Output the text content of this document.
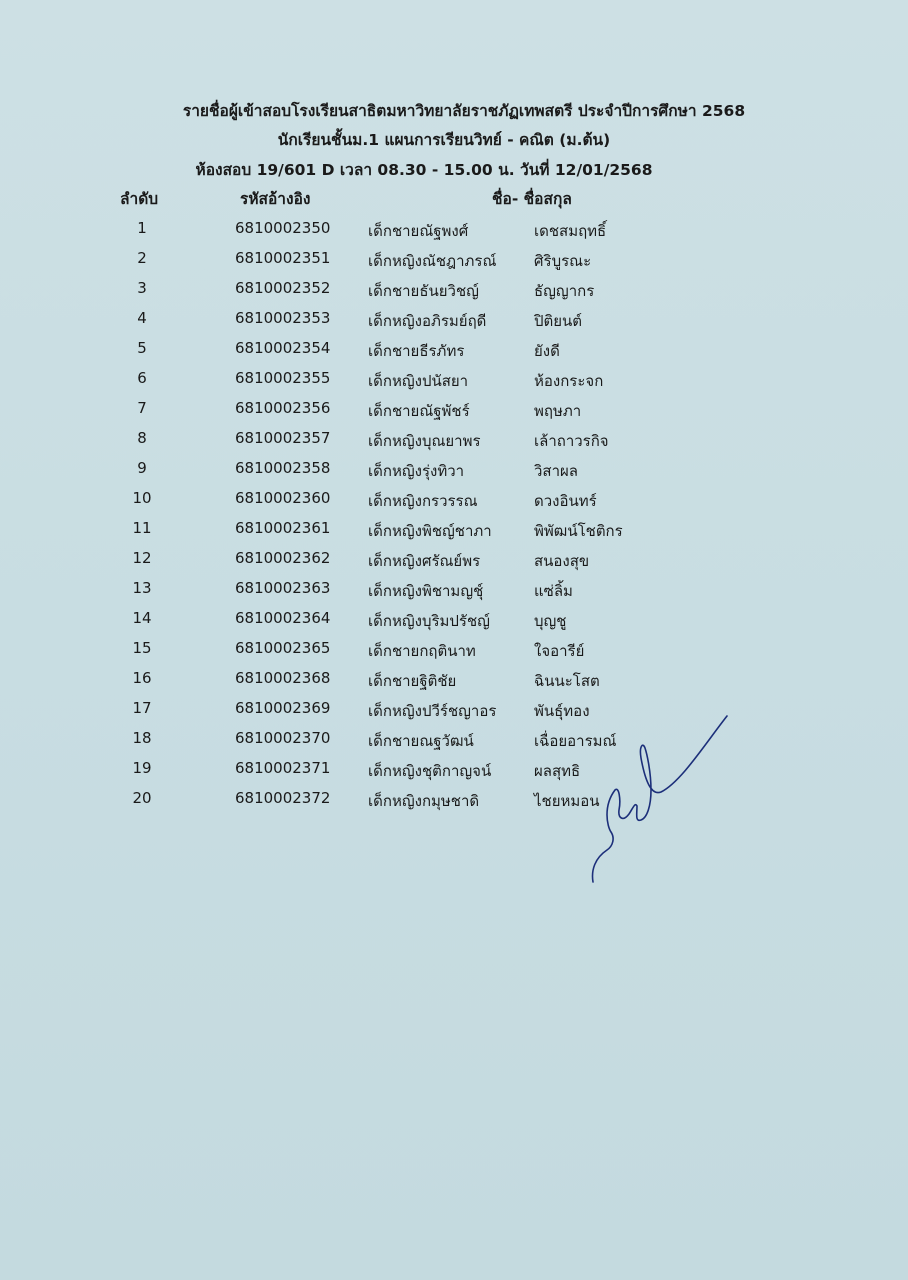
รายชื่อผู้เข้าสอบโรงเรียนสาธิตมหาวิทยาลัยราชภัฏเทพสตรี ประจำปีการศึกษา 2568
นักเรียนชั้นม.1 แผนการเรียนวิทย์ - คณิต (ม.ต้น)
ห้องสอบ 19/601 D เวลา 08.30 - 15.00 น. วันที่ 12/01/2568
ลำดับ	รหัสอ้างอิง	ชื่อ- ชื่อสกุล
1	6810002350	เด็กชายณัฐพงศ์	เดชสมฤทธิ์
2	6810002351	เด็กหญิงณัชฎาภรณ์	ศิริบูรณะ
3	6810002352	เด็กชายธันยวิชญ์	ธัญญากร
4	6810002353	เด็กหญิงอภิรมย์ฤดี	ปิติยนต์
5	6810002354	เด็กชายธีรภัทร	ยังดี
6	6810002355	เด็กหญิงปนัสยา	ห้องกระจก
7	6810002356	เด็กชายณัฐพัชร์	พฤษภา
8	6810002357	เด็กหญิงบุณยาพร	เล้าถาวรกิจ
9	6810002358	เด็กหญิงรุ่งทิวา	วิสาผล
10	6810002360	เด็กหญิงกรวรรณ	ดวงอินทร์
11	6810002361	เด็กหญิงพิชญ์ชาภา	พิพัฒน์โชติกร
12	6810002362	เด็กหญิงศรัณย์พร	สนองสุข
13	6810002363	เด็กหญิงพิชามญชุ์	แซ่ลิ้ม
14	6810002364	เด็กหญิงบุริมปรัชญ์	บุญชู
15	6810002365	เด็กชายกฤตินาท	ใจอารีย์
16	6810002368	เด็กชายฐิติชัย	ฉินนะโสต
17	6810002369	เด็กหญิงปวีร์ชญาอร	พันธุ์ทอง
18	6810002370	เด็กชายณฐวัฒน์	เฉื่อยอารมณ์
19	6810002371	เด็กหญิงชุติกาญจน์	ผลสุทธิ
20	6810002372	เด็กหญิงกมุษชาดิ	ไชยหมอน
